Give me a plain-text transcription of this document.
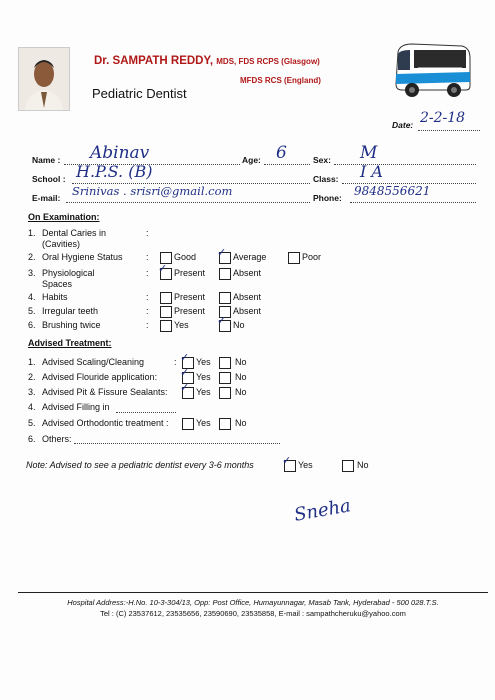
Dr. SAMPATH REDDY, MDS, FDS RCPS (Glasgow)
MFDS RCS (England)
Pediatric Dentist
Date: 2-2-18
Name : Abinav	Age: 6	Sex: M
School : H.P.S. (B)	Class: I A
E-mail: Srinivas . srisri@gmail.com	Phone: 9848556621
On Examination:
1. Dental Caries in
(Cavities)
:
2. Oral Hygiene Status	:	Good ✓ Average	Poor
3. Physiological
Spaces
: ✓ Present	Absent
4. Habits	:	Present	Absent
5. Irregular teeth	:	Present	Absent
6. Brushing twice	:	Yes	✓ No
Advised Treatment:
1. Advised Scaling/Cleaning	: ✓ Yes	No
2. Advised Flouride application: ✓ Yes	No
3. Advised Pit & Fissure Sealants: ✓ Yes	No
4. Advised Filling in
5. Advised Orthodontic treatment :	Yes	No
6. Others:
Note: Advised to see a pediatric dentist every 3-6 months	✓ Yes	No
Sneha
Hospital Address:-H.No. 10-3-304/13, Opp: Post Office, Humayunnagar, Masab Tank, Hyderabad - 500 028.T.S.
Tel : (C) 23537612, 23535656, 23590690, 23535858, E-mail : sampathcheruku@yahoo.com
